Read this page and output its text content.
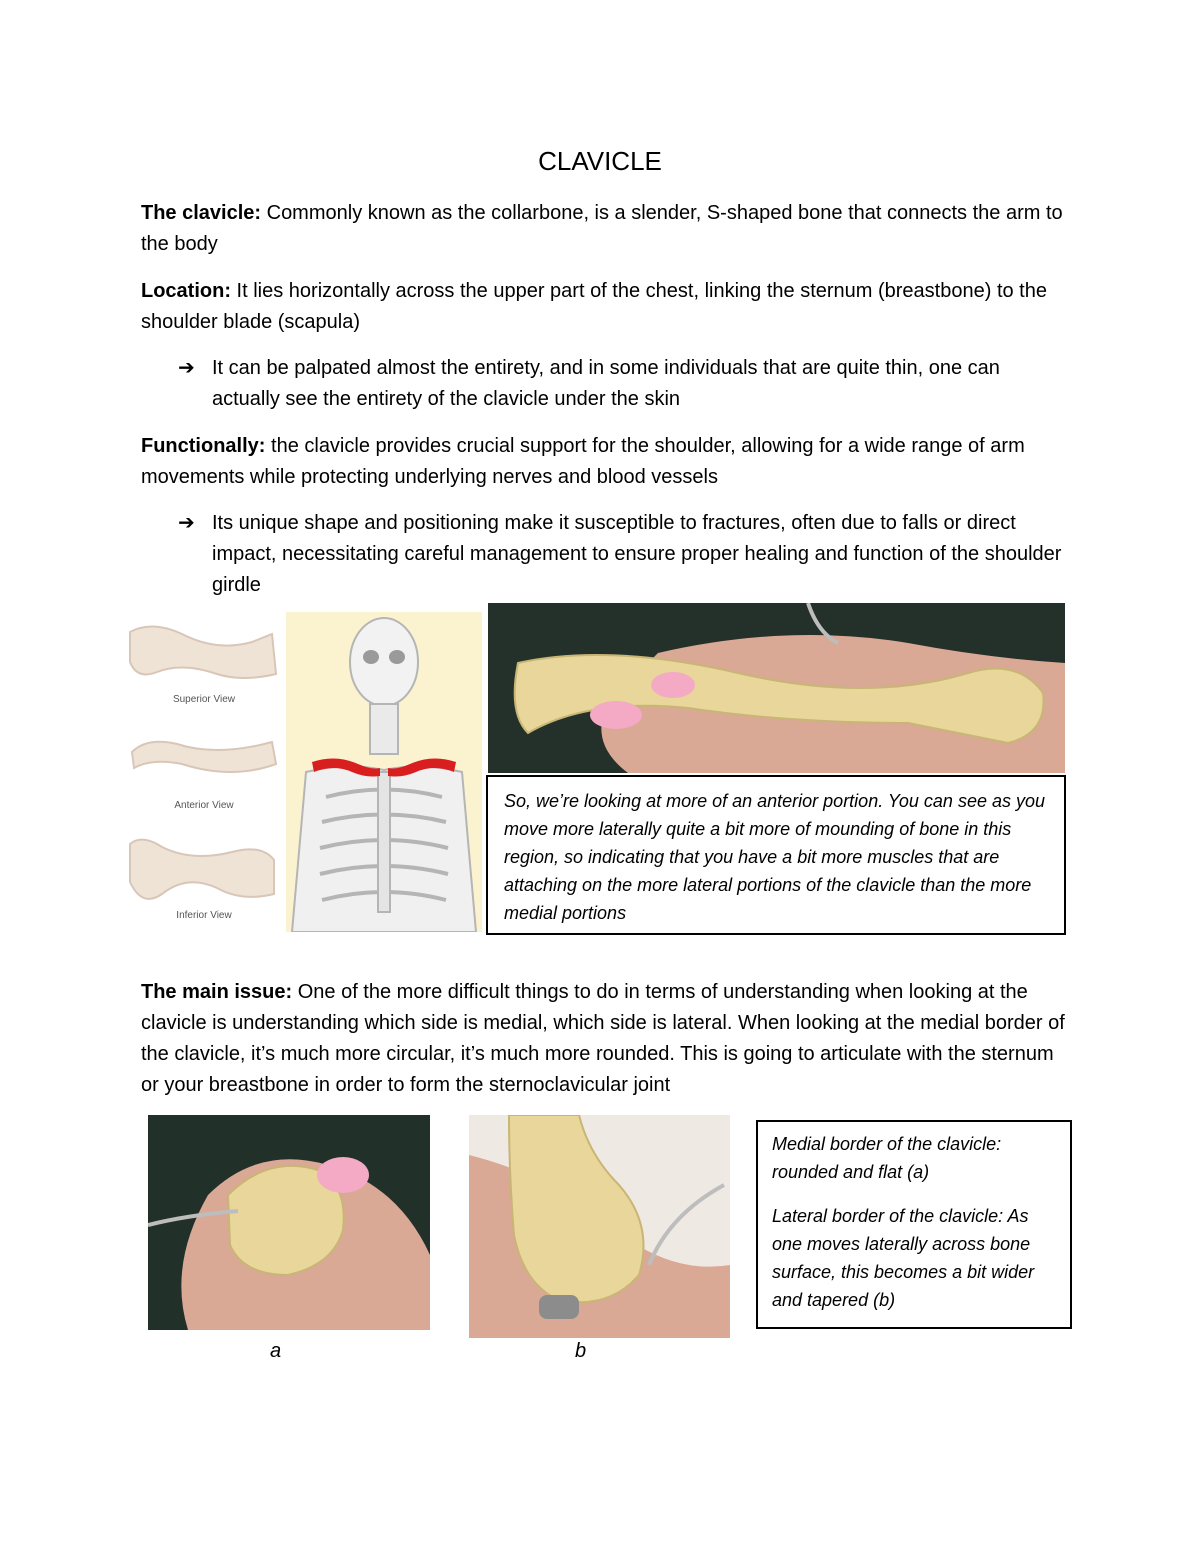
CLAVICLE
The clavicle: Commonly known as the collarbone, is a slender, S-shaped bone that connects the arm to the body
Location: It lies horizontally across the upper part of the chest, linking the sternum (breastbone) to the shoulder blade (scapula)
➔ It can be palpated almost the entirety, and in some individuals that are quite thin, one can actually see the entirety of the clavicle under the skin
Functionally: the clavicle provides crucial support for the shoulder, allowing for a wide range of arm movements while protecting underlying nerves and blood vessels
➔ Its unique shape and positioning make it susceptible to fractures, often due to falls or direct impact, necessitating careful management to ensure proper healing and function of the shoulder girdle
Superior View
Anterior View
Inferior View

So, we’re looking at more of an anterior portion. You can see as you move more laterally quite a bit more of mounding of bone in this region, so indicating that you have a bit more muscles that are attaching on the more lateral portions of the clavicle than the more medial portions

The main issue: One of the more difficult things to do in terms of understanding when looking at the clavicle is understanding which side is medial, which side is lateral. When looking at the medial border of the clavicle, it’s much more circular, it’s much more rounded. This is going to articulate with the sternum or your breastbone in order to form the sternoclavicular joint
a	b

Medial border of the clavicle: rounded and flat (a)

Lateral border of the clavicle: As one moves laterally across bone surface, this becomes a bit wider and tapered (b)
